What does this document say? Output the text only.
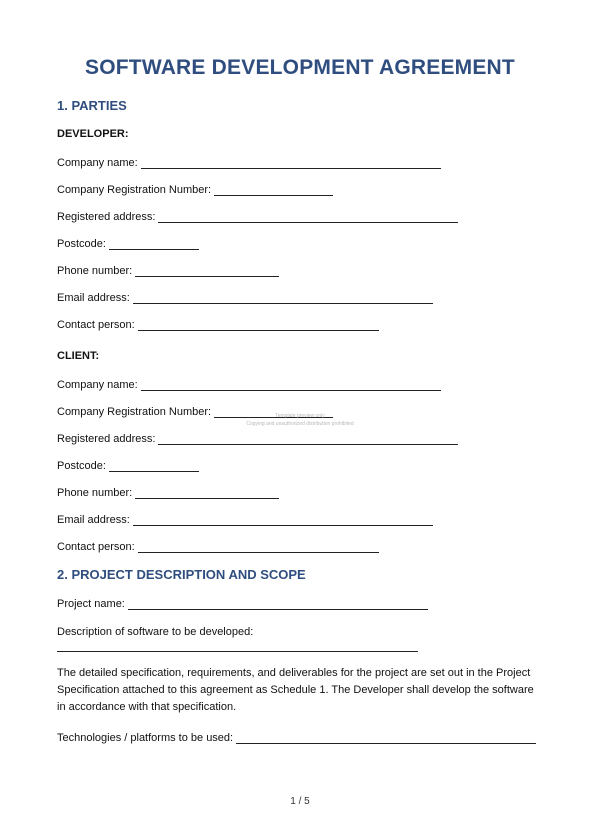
SOFTWARE DEVELOPMENT AGREEMENT
1. PARTIES
DEVELOPER:
Company name:
Company Registration Number:
Registered address:
Postcode:
Phone number:
Email address:
Contact person:
CLIENT:
Company name:
Company Registration Number:
Registered address:
Postcode:
Phone number:
Email address:
Contact person:
Template preview only
Copying and unauthorized distribution prohibited
2. PROJECT DESCRIPTION AND SCOPE
Project name:
Description of software to be developed:
The detailed specification, requirements, and deliverables for the project are set out in the Project Specification attached to this agreement as Schedule 1. The Developer shall develop the software in accordance with that specification.
Technologies / platforms to be used:
1 / 5
